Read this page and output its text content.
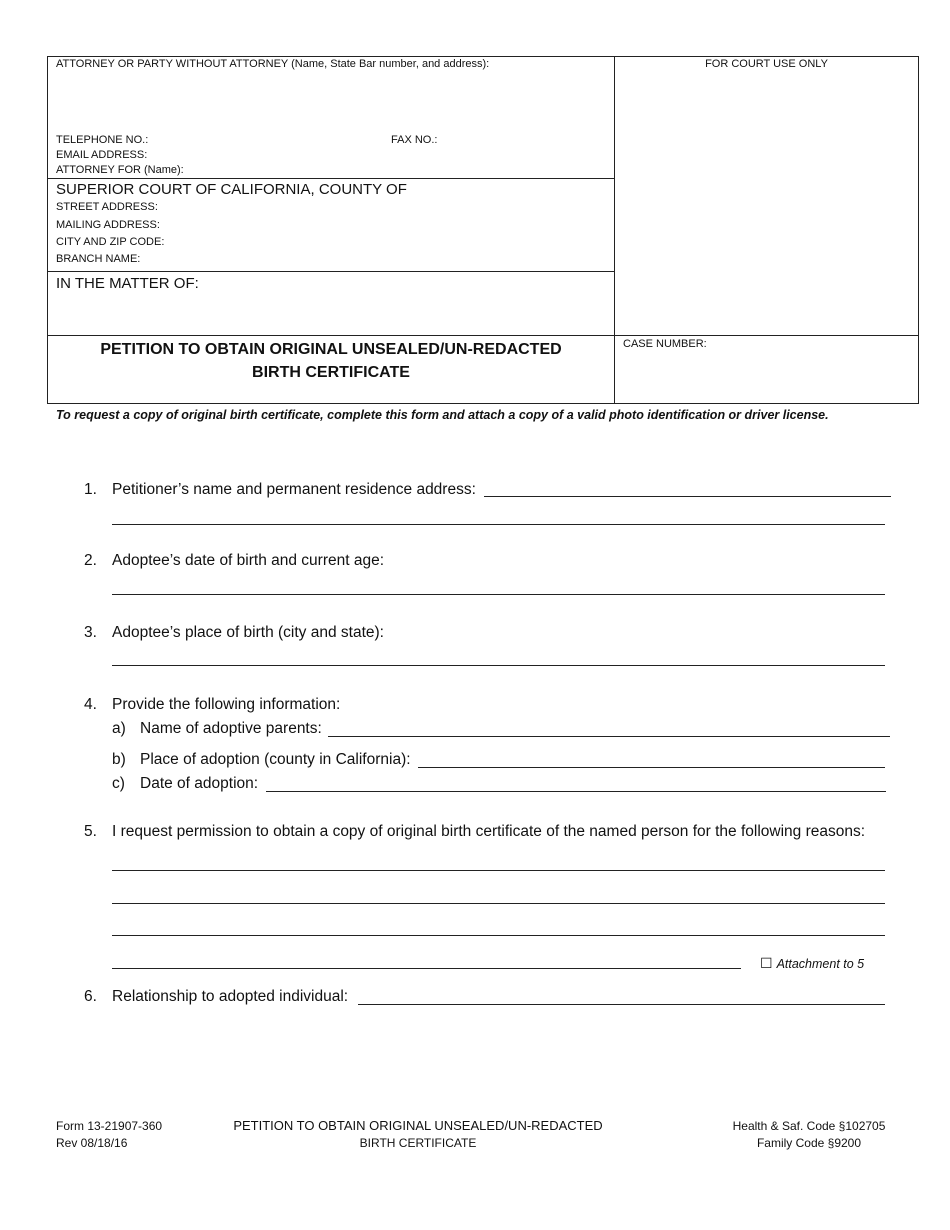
ATTORNEY OR PARTY WITHOUT ATTORNEY (Name, State Bar number, and address):	FOR COURT USE ONLY
TELEPHONE NO.:	FAX NO.:
EMAIL ADDRESS:
ATTORNEY FOR (Name):
SUPERIOR COURT OF CALIFORNIA, COUNTY OF
STREET ADDRESS:
MAILING ADDRESS:
CITY AND ZIP CODE:
BRANCH NAME:
IN THE MATTER OF:
PETITION TO OBTAIN ORIGINAL UNSEALED/UN-REDACTED
BIRTH CERTIFICATE
CASE NUMBER:
To request a copy of original birth certificate, complete this form and attach a copy of a valid photo identification or driver license.
1. Petitioner’s name and permanent residence address:
2. Adoptee’s date of birth and current age:
3. Adoptee’s place of birth (city and state):
4. Provide the following information:
a) Name of adoptive parents:
b) Place of adoption (county in California):
c) Date of adoption:
5. I request permission to obtain a copy of original birth certificate of the named person for the following reasons:
☐ Attachment to 5
6. Relationship to adopted individual:
Form 13-21907-360
Rev 08/18/16
PETITION TO OBTAIN ORIGINAL UNSEALED/UN-REDACTED
BIRTH CERTIFICATE
Health & Saf. Code §102705
Family Code §9200
